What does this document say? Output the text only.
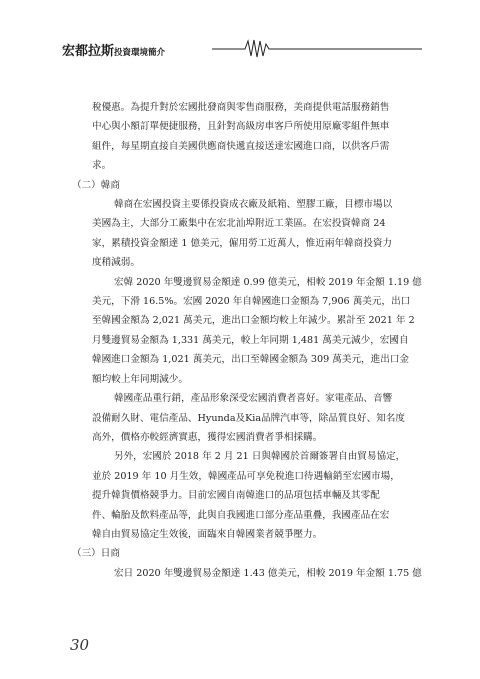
宏都拉斯投資環境簡介
稅優惠。為提升對於宏國批發商與零售商服務，美商提供電話服務銷售
中心與小額訂單便捷服務，且針對高級房車客戶所使用原廠零組件無車
組件，每星期直接自美國供應商快遞直接送達宏國進口商，以供客戶需
求。
（二）韓商
韓商在宏國投資主要係投資成衣廠及紙箱、塑膠工廠，目標市場以
美國為主，大部分工廠集中在宏北汕埠附近工業區。在宏投資韓商 24
家，累積投資金額達 1 億美元，僱用勞工近萬人，惟近兩年韓商投資力
度稍減弱。
宏韓 2020 年雙邊貿易金額達 0.99 億美元，相較 2019 年金額 1.19 億
美元，下滑 16.5%。宏國 2020 年自韓國進口金額為 7,906 萬美元，出口
至韓國金額為 2,021 萬美元，進出口金額均較上年減少。累計至 2021 年 2
月雙邊貿易金額為 1,331 萬美元，較上年同期 1,481 萬美元減少，宏國自
韓國進口金額為 1,021 萬美元，出口至韓國金額為 309 萬美元，進出口金
額均較上年同期減少。
韓國產品重行銷，產品形象深受宏國消費者喜好。家電產品、音響
設備耐久財、電信產品、Hyunda及Kia品牌汽車等，除品質良好、知名度
高外，價格亦較經濟實惠，獲得宏國消費者爭相採購。
另外，宏國於 2018 年 2 月 21 日與韓國於首爾簽署自由貿易協定，
並於 2019 年 10 月生效，韓國產品可享免稅進口待遇輸銷至宏國市場，
提升韓貨價格競爭力。目前宏國自南韓進口的品項包括車輛及其零配
件、輪胎及飲料產品等，此與自我國進口部分產品重疊，我國產品在宏
韓自由貿易協定生效後，面臨來自韓國業者競爭壓力。
（三）日商
宏日 2020 年雙邊貿易金額達 1.43 億美元，相較 2019 年金額 1.75 億
30
